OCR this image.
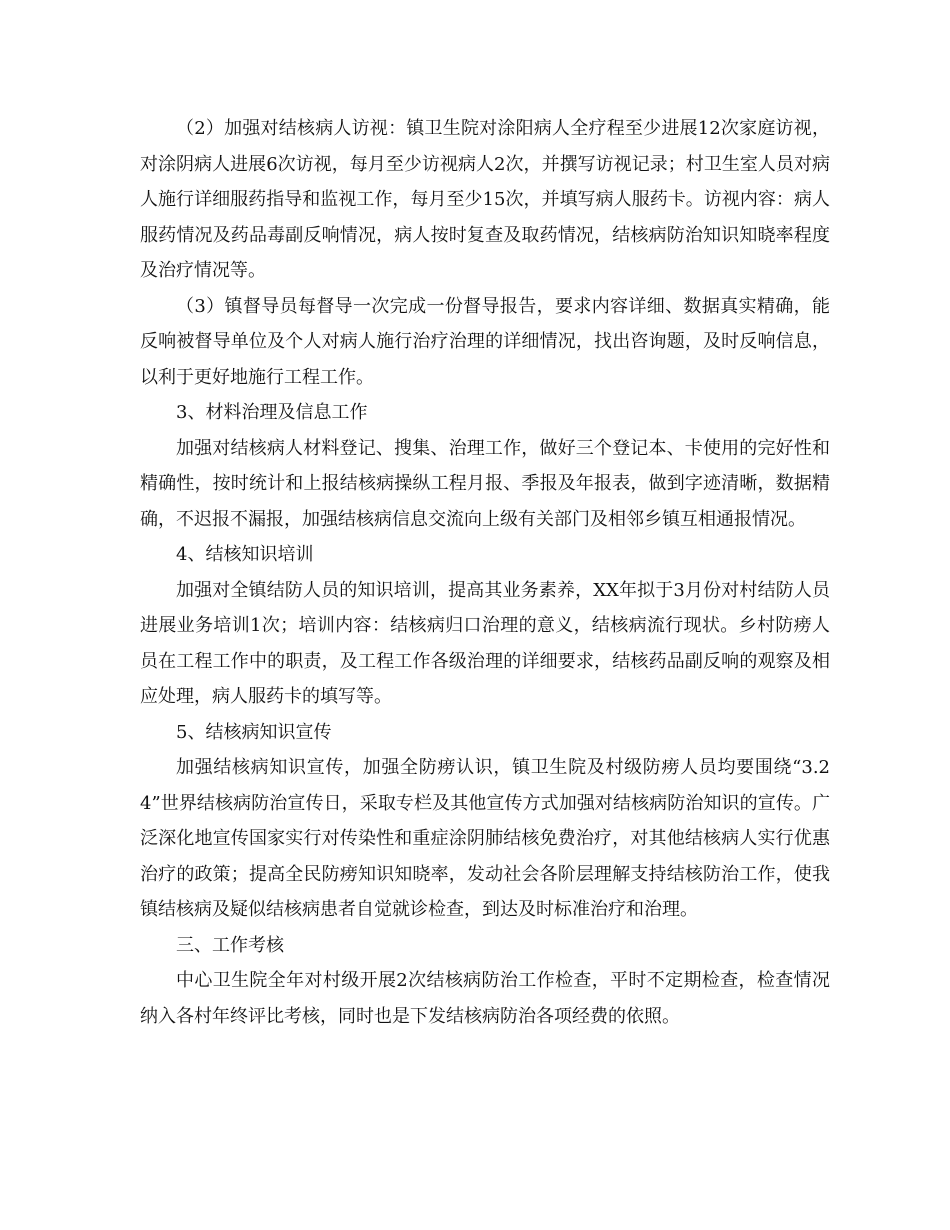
（2）加强对结核病人访视：镇卫生院对涂阳病人全疗程至少进展12次家庭访视，对涂阴病人进展6次访视，每月至少访视病人2次，并撰写访视记录；村卫生室人员对病人施行详细服药指导和监视工作，每月至少15次，并填写病人服药卡。访视内容：病人服药情况及药品毒副反响情况，病人按时复查及取药情况，结核病防治知识知晓率程度及治疗情况等。

（3）镇督导员每督导一次完成一份督导报告，要求内容详细、数据真实精确，能反响被督导单位及个人对病人施行治疗治理的详细情况，找出咨询题，及时反响信息，以利于更好地施行工程工作。

3、材料治理及信息工作

加强对结核病人材料登记、搜集、治理工作，做好三个登记本、卡使用的完好性和精确性，按时统计和上报结核病操纵工程月报、季报及年报表，做到字迹清晰，数据精确，不迟报不漏报，加强结核病信息交流向上级有关部门及相邻乡镇互相通报情况。

4、结核知识培训

加强对全镇结防人员的知识培训，提高其业务素养，XX年拟于3月份对村结防人员进展业务培训1次；培训内容：结核病归口治理的意义，结核病流行现状。乡村防痨人员在工程工作中的职责，及工程工作各级治理的详细要求，结核药品副反响的观察及相应处理，病人服药卡的填写等。

5、结核病知识宣传

加强结核病知识宣传，加强全防痨认识，镇卫生院及村级防痨人员均要围绕“3.24”世界结核病防治宣传日，采取专栏及其他宣传方式加强对结核病防治知识的宣传。广泛深化地宣传国家实行对传染性和重症涂阴肺结核免费治疗，对其他结核病人实行优惠治疗的政策；提高全民防痨知识知晓率，发动社会各阶层理解支持结核防治工作，使我镇结核病及疑似结核病患者自觉就诊检查，到达及时标准治疗和治理。

三、工作考核

中心卫生院全年对村级开展2次结核病防治工作检查，平时不定期检查，检查情况纳入各村年终评比考核，同时也是下发结核病防治各项经费的依照。
